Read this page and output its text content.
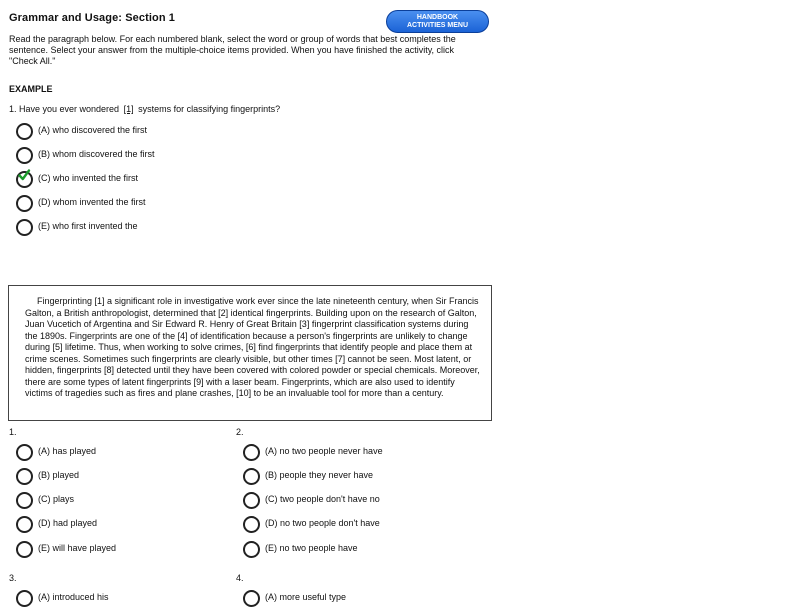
Grammar and Usage: Section 1	HANDBOOK
ACTIVITIES MENU
Read the paragraph below. For each numbered blank, select the word or group of words that best completes the sentence. Select your answer from the multiple-choice items provided. When you have finished the activity, click "Check All."
EXAMPLE
1. Have you ever wondered [1] systems for classifying fingerprints?
(A) who discovered the first
(B) whom discovered the first
(C) who invented the first
(D) whom invented the first
(E) who first invented the

Fingerprinting [1] a significant role in investigative work ever since the late nineteenth century, when Sir Francis Galton, a British anthropologist, determined that [2] identical fingerprints. Building upon on the research of Galton, Juan Vucetich of Argentina and Sir Edward R. Henry of Great Britain [3] fingerprint classification systems during the 1890s. Fingerprints are one of the [4] of identification because a person's fingerprints are unlikely to change during [5] lifetime. Thus, when working to solve crimes, [6] find fingerprints that identify people and place them at crime scenes. Sometimes such fingerprints are clearly visible, but other times [7] cannot be seen. Most latent, or hidden, fingerprints [8] detected until they have been covered with colored powder or special chemicals. Moreover, there are some types of latent fingerprints [9] with a laser beam. Fingerprints, which are also used to identify victims of tragedies such as fires and plane crashes, [10] to be an invaluable tool for more than a century.

1.
(A) has played
(B) played
(C) plays
(D) had played
(E) will have played
2.
(A) no two people never have
(B) people they never have
(C) two people don't have no
(D) no two people don't have
(E) no two people have
3.
(A) introduced his
4.
(A) more useful type
